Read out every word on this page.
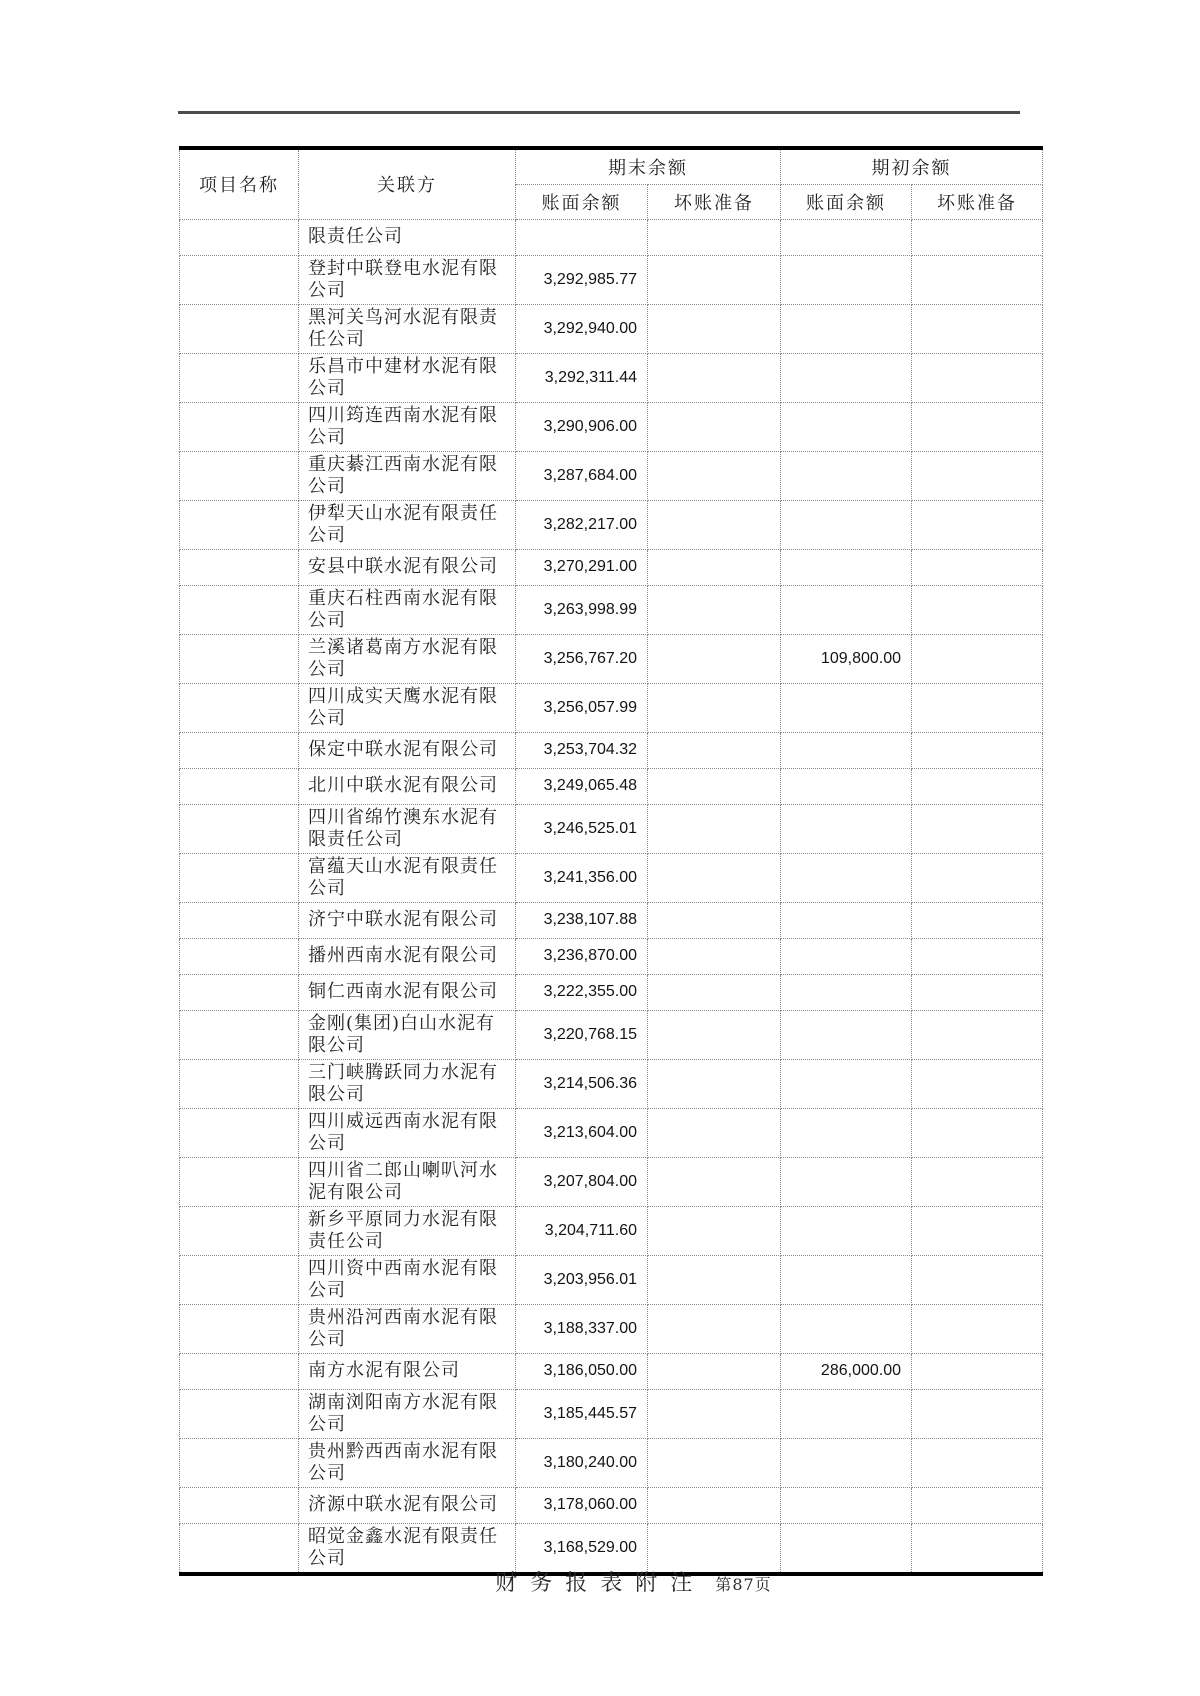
项目名称	关联方	期末余额		期初余额	
		账面余额	坏账准备	账面余额	坏账准备
	限责任公司				
	登封中联登电水泥有限公司	3,292,985.77			
	黑河关鸟河水泥有限责任公司	3,292,940.00			
	乐昌市中建材水泥有限公司	3,292,311.44			
	四川筠连西南水泥有限公司	3,290,906.00			
	重庆綦江西南水泥有限公司	3,287,684.00			
	伊犁天山水泥有限责任公司	3,282,217.00			
	安县中联水泥有限公司	3,270,291.00			
	重庆石柱西南水泥有限公司	3,263,998.99			
	兰溪诸葛南方水泥有限公司	3,256,767.20		109,800.00	
	四川成实天鹰水泥有限公司	3,256,057.99			
	保定中联水泥有限公司	3,253,704.32			
	北川中联水泥有限公司	3,249,065.48			
	四川省绵竹澳东水泥有限责任公司	3,246,525.01			
	富蕴天山水泥有限责任公司	3,241,356.00			
	济宁中联水泥有限公司	3,238,107.88			
	播州西南水泥有限公司	3,236,870.00			
	铜仁西南水泥有限公司	3,222,355.00			
	金刚(集团)白山水泥有限公司	3,220,768.15			
	三门峡腾跃同力水泥有限公司	3,214,506.36			
	四川威远西南水泥有限公司	3,213,604.00			
	四川省二郎山喇叭河水泥有限公司	3,207,804.00			
	新乡平原同力水泥有限责任公司	3,204,711.60			
	四川资中西南水泥有限公司	3,203,956.01			
	贵州沿河西南水泥有限公司	3,188,337.00			
	南方水泥有限公司	3,186,050.00		286,000.00	
	湖南浏阳南方水泥有限公司	3,185,445.57			
	贵州黔西西南水泥有限公司	3,180,240.00			
	济源中联水泥有限公司	3,178,060.00			
	昭觉金鑫水泥有限责任公司	3,168,529.00			
财务报表附注 第87页
